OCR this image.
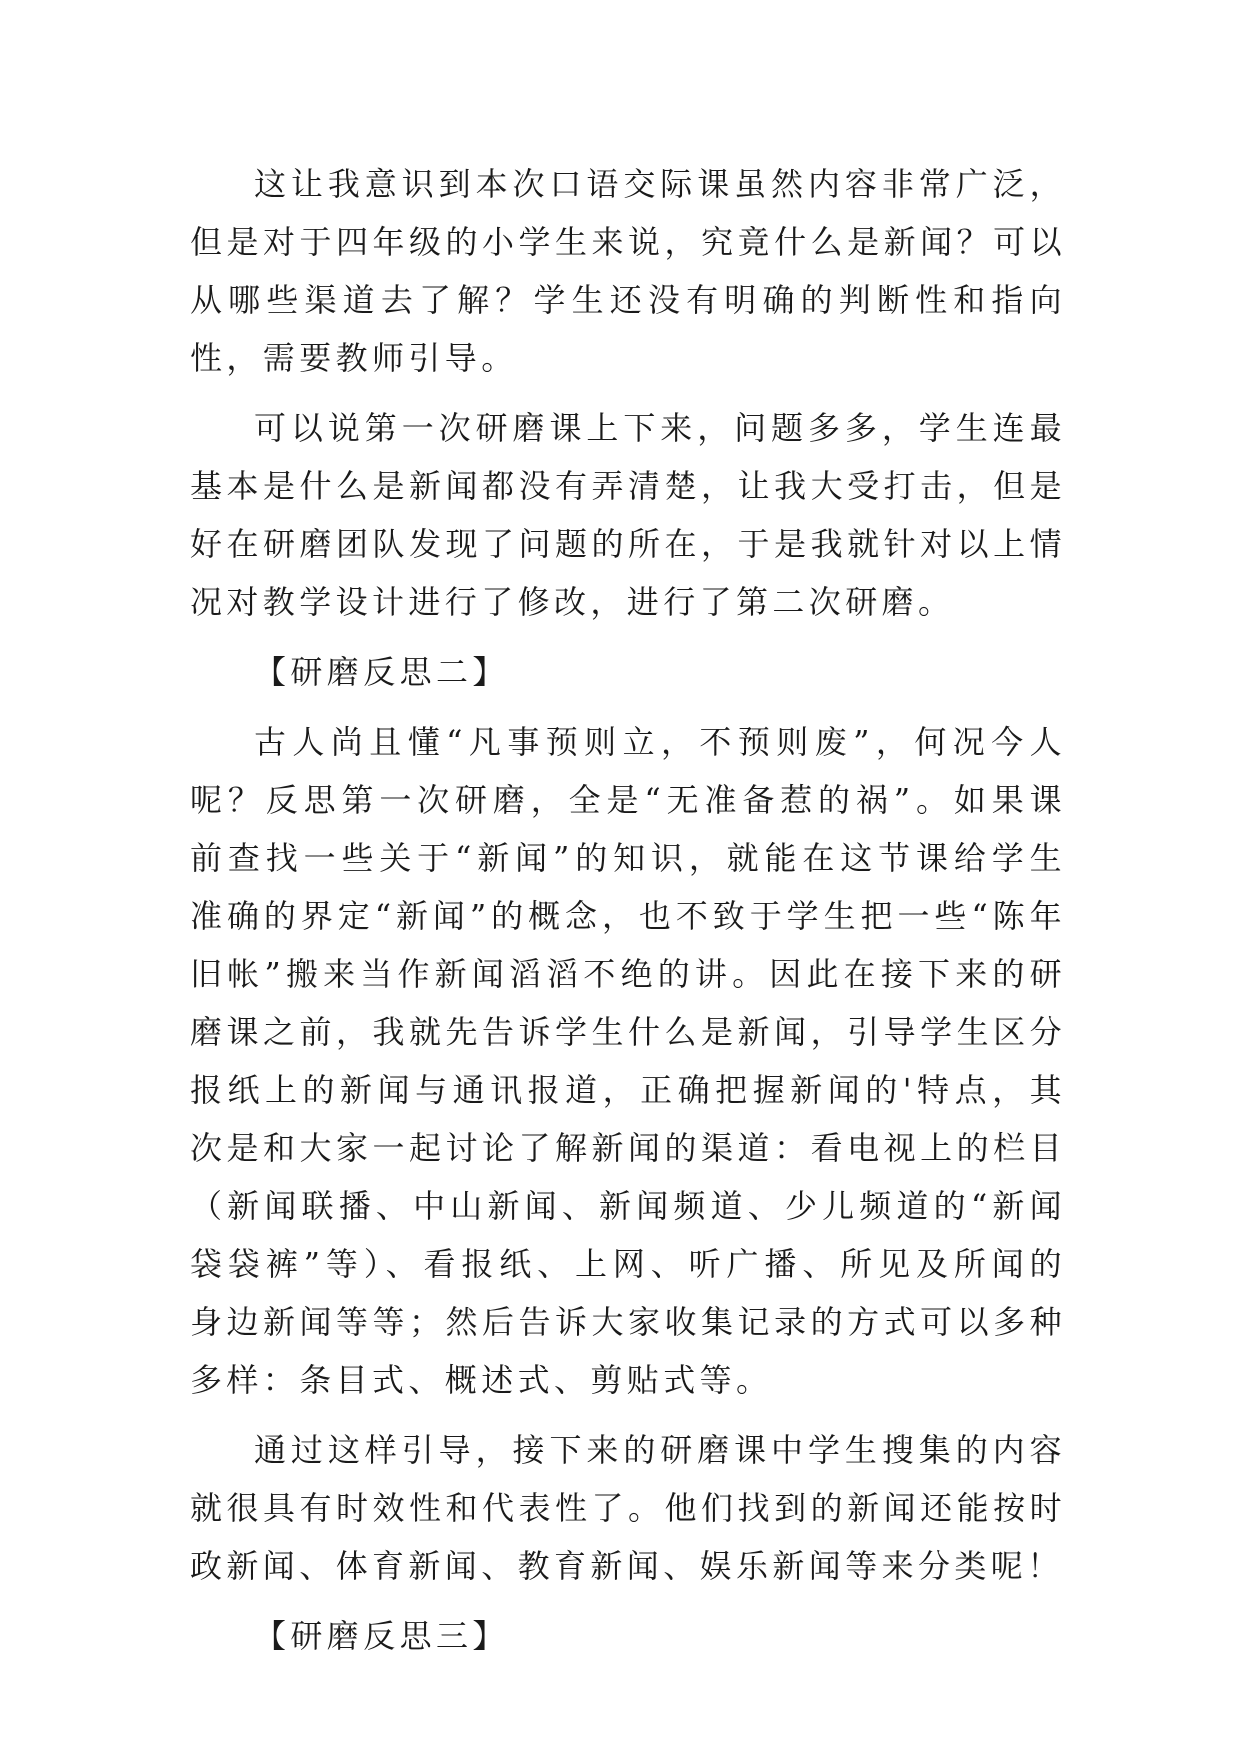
这让我意识到本次口语交际课虽然内容非常广泛，但是对于四年级的小学生来说，究竟什么是新闻？可以从哪些渠道去了解？学生还没有明确的判断性和指向性，需要教师引导。

可以说第一次研磨课上下来，问题多多，学生连最基本是什么是新闻都没有弄清楚，让我大受打击，但是好在研磨团队发现了问题的所在，于是我就针对以上情况对教学设计进行了修改，进行了第二次研磨。

【研磨反思二】

古人尚且懂“凡事预则立，不预则废”，何况今人呢？反思第一次研磨，全是“无准备惹的祸”。如果课前查找一些关于“新闻”的知识，就能在这节课给学生准确的界定“新闻”的概念，也不致于学生把一些“陈年旧帐”搬来当作新闻滔滔不绝的讲。因此在接下来的研磨课之前，我就先告诉学生什么是新闻，引导学生区分报纸上的新闻与通讯报道，正确把握新闻的'特点，其次是和大家一起讨论了解新闻的渠道：看电视上的栏目（新闻联播、中山新闻、新闻频道、少儿频道的“新闻袋袋裤”等）、看报纸、上网、听广播、所见及所闻的身边新闻等等；然后告诉大家收集记录的方式可以多种多样：条目式、概述式、剪贴式等。

通过这样引导，接下来的研磨课中学生搜集的内容就很具有时效性和代表性了。他们找到的新闻还能按时政新闻、体育新闻、教育新闻、娱乐新闻等来分类呢！

【研磨反思三】
